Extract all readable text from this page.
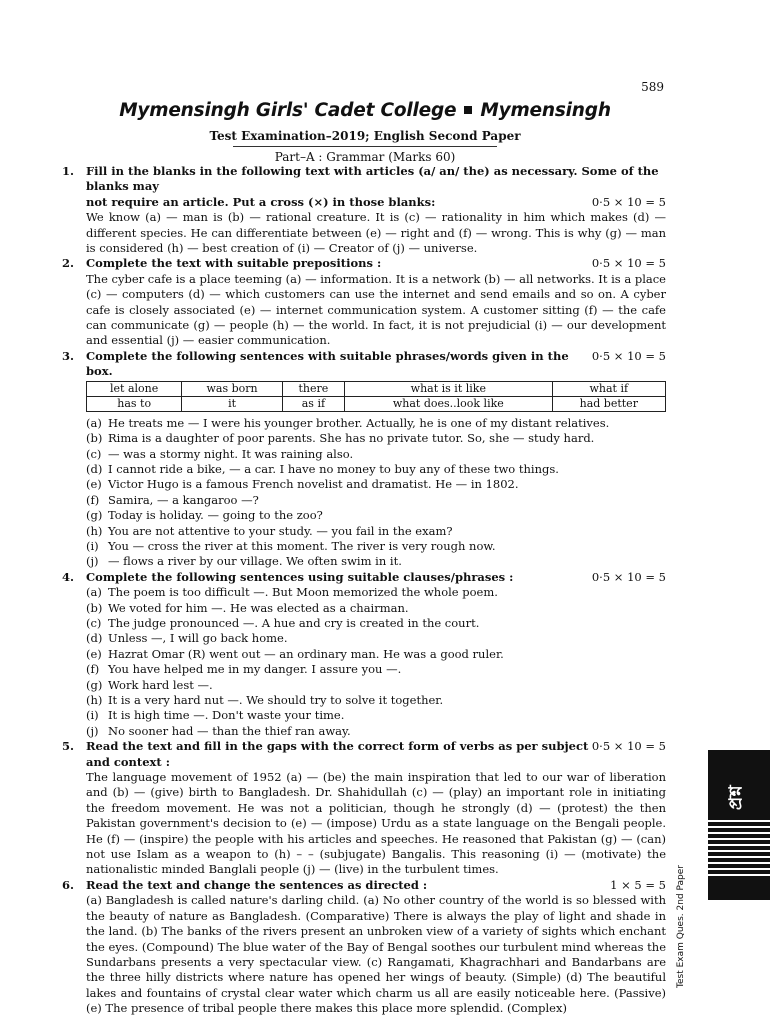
589
Mymensingh Girls' Cadet College Mymensingh
Test Examination–2019; English Second Paper
Part–A : Grammar (Marks 60)
1.	Fill in the blanks in the following text with articles (a/ an/ the) as necessary. Some of the blanks may
not require an article. Put a cross (×) in those blanks:	0·5 × 10 = 5
We know (a) — man is (b) — rational creature. It is (c) — rationality in him which makes (d) — different species. He can differentiate between (e) — right and (f) — wrong. This is why (g) — man is considered (h) — best creation of (i) — Creator of (j) — universe.
2.	Complete the text with suitable prepositions :	0·5 × 10 = 5
The cyber cafe is a place teeming (a) — information. It is a network (b) — all networks. It is a place (c) — computers (d) — which customers can use the internet and send emails and so on. A cyber cafe is closely associated (e) — internet communication system. A customer sitting (f) — the cafe can communicate (g) — people (h) — the world. In fact, it is not prejudicial (i) — our development and essential (j) — easier communication.
3.	Complete the following sentences with suitable phrases/words given in the box.
0·5 × 10 = 5
let alone	was born	there	what is it like	what if
has to	it	as if	what does..look like	had better
(a) He treats me — I were his younger brother. Actually, he is one of my distant relatives.
(b) Rima is a daughter of poor parents. She has no private tutor. So, she — study hard.
(c) — was a stormy night. It was raining also.
(d) I cannot ride a bike, — a car. I have no money to buy any of these two things.
(e) Victor Hugo is a famous French novelist and dramatist. He — in 1802.
(f) Samira, — a kangaroo —?
(g) Today is holiday. — going to the zoo?
(h) You are not attentive to your study. — you fail in the exam?
(i) You — cross the river at this moment. The river is very rough now.
(j) — flows a river by our village. We often swim in it.
4.	Complete the following sentences using suitable clauses/phrases :	0·5 × 10 = 5
(a) The poem is too difficult —. But Moon memorized the whole poem.
(b) We voted for him —. He was elected as a chairman.
(c) The judge pronounced —. A hue and cry is created in the court.
(d) Unless —, I will go back home.
(e) Hazrat Omar (R) went out — an ordinary man. He was a good ruler.
(f) You have helped me in my danger. I assure you —.
(g) Work hard lest —.
(h) It is a very hard nut —. We should try to solve it together.
(i) It is high time —. Don't waste your time.
(j) No sooner had — than the thief ran away.
5.	Read the text and fill in the gaps with the correct form of verbs as per subject and context :
0·5 × 10 = 5
The language movement of 1952 (a) — (be) the main inspiration that led to our war of liberation and (b) — (give) birth to Bangladesh. Dr. Shahidullah (c) — (play) an important role in initiating the freedom movement. He was not a politician, though he strongly (d) — (protest) the then Pakistan government's decision to (e) — (impose) Urdu as a state language on the Bengali people. He (f) — (inspire) the people with his articles and speeches. He reasoned that Pakistan (g) — (can) not use Islam as a weapon to (h) – – (subjugate) Bangalis. This reasoning (i) — (motivate) the nationalistic minded Banglali people (j) — (live) in the turbulent times.
6.	Read the text and change the sentences as directed :	1 × 5 = 5
(a) Bangladesh is called nature's darling child. (a) No other country of the world is so blessed with the beauty of nature as Bangladesh. (Comparative) There is always the play of light and shade in the land. (b) The banks of the rivers present an unbroken view of a variety of sights which enchant the eyes. (Compound) The blue water of the Bay of Bengal soothes our turbulent mind whereas the Sundarbans presents a very spectacular view. (c) Rangamati, Khagrachhari and Bandarbans are the three hilly districts where nature has opened her wings of beauty. (Simple) (d) The beautiful lakes and fountains of crystal clear water which charm us all are easily noticeable here. (Passive) (e) The presence of tribal people there makes this place more splendid. (Complex)
প্রশ্ন
Test Exam Ques. 2nd Paper
